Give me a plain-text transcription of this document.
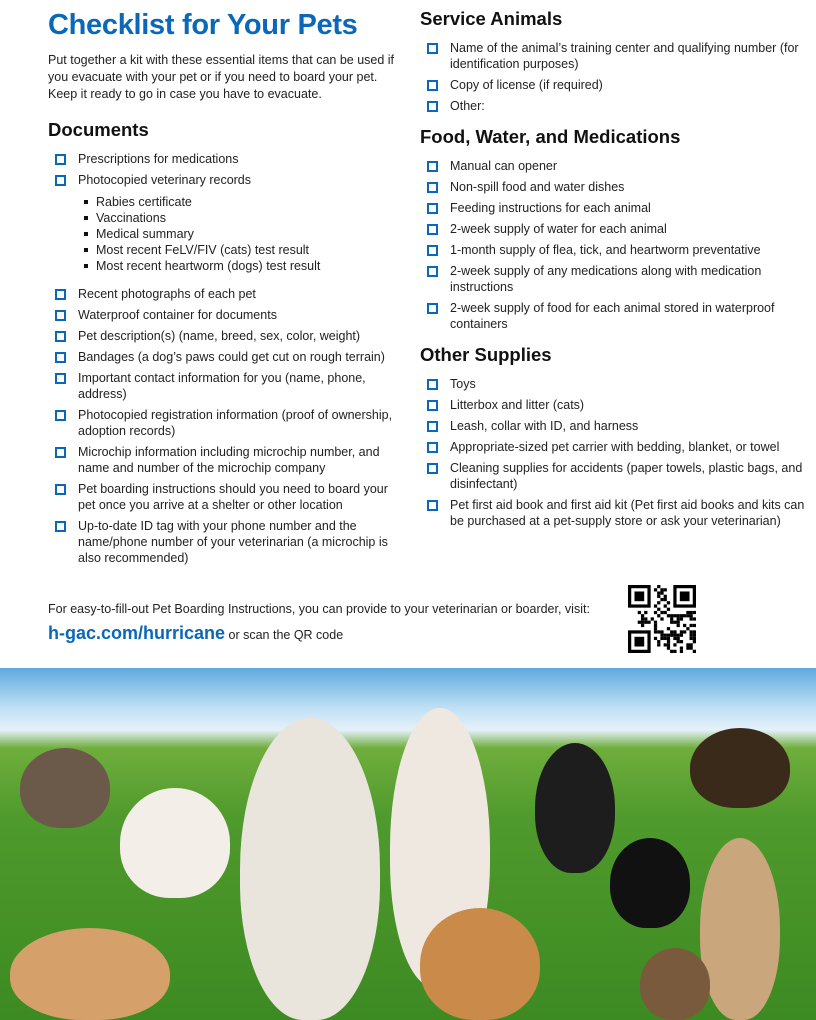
Checklist for Your Pets

Put together a kit with these essential items that can be used if you evacuate with your pet or if you need to board your pet. Keep it ready to go in case you have to evacuate.

Documents
Prescriptions for medications
Photocopied veterinary records
Rabies certificate
Vaccinations
Medical summary
Most recent FeLV/FIV (cats) test result
Most recent heartworm (dogs) test result
Recent photographs of each pet
Waterproof container for documents
Pet description(s) (name, breed, sex, color, weight)
Bandages (a dog’s paws could get cut on rough terrain)
Important contact information for you (name, phone, address)
Photocopied registration information (proof of ownership, adoption records)
Microchip information including microchip number, and name and number of the microchip company
Pet boarding instructions should you need to board your pet once you arrive at a shelter or other location
Up-to-date ID tag with your phone number and the name/phone number of your veterinarian (a microchip is also recommended)
Service Animals
Name of the animal’s training center and qualifying number (for identification purposes)
Copy of license (if required)
Other:
Food, Water, and Medications
Manual can opener
Non-spill food and water dishes
Feeding instructions for each animal
2-week supply of water for each animal
1-month supply of flea, tick, and heartworm preventative
2-week supply of any medications along with medication instructions
2-week supply of food for each animal stored in waterproof containers
Other Supplies
Toys
Litterbox and litter (cats)
Leash, collar with ID, and harness
Appropriate-sized pet carrier with bedding, blanket, or towel
Cleaning supplies for accidents (paper towels, plastic bags, and disinfectant)
Pet first aid book and first aid kit (Pet first aid books and kits can be purchased at a pet-supply store or ask your veterinarian)
For easy-to-fill-out Pet Boarding Instructions, you can provide to your veterinarian or boarder, visit:
h-gac.com/hurricane or scan the QR code
